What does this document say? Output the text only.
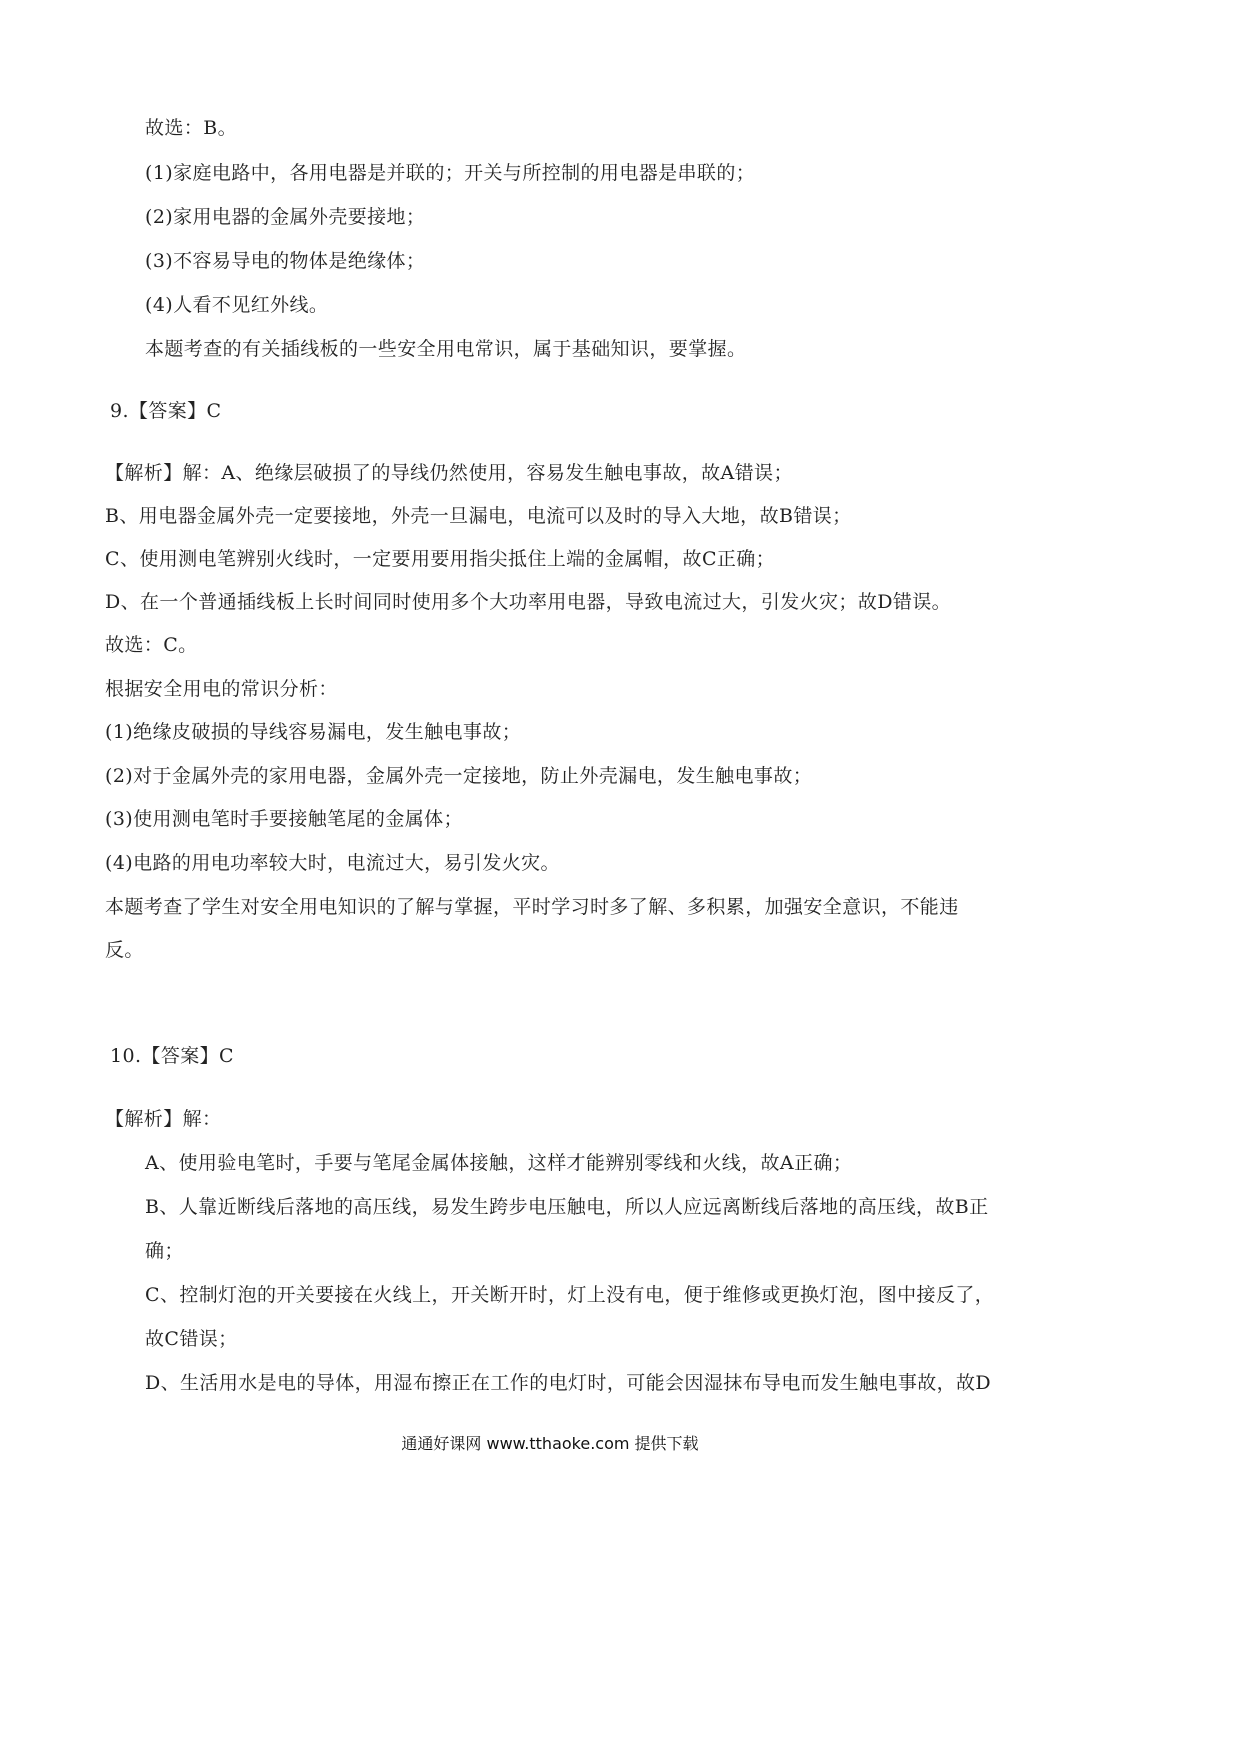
故选：B。
(1)家庭电路中，各用电器是并联的；开关与所控制的用电器是串联的；
(2)家用电器的金属外壳要接地；
(3)不容易导电的物体是绝缘体；
(4)人看不见红外线。
本题考查的有关插线板的一些安全用电常识，属于基础知识，要掌握。
9.【答案】C
【解析】解：A、绝缘层破损了的导线仍然使用，容易发生触电事故，故A错误；
B、用电器金属外壳一定要接地，外壳一旦漏电，电流可以及时的导入大地，故B错误；
C、使用测电笔辨别火线时，一定要用要用指尖抵住上端的金属帽，故C正确；
D、在一个普通插线板上长时间同时使用多个大功率用电器，导致电流过大，引发火灾；故D错误。
故选：C。
根据安全用电的常识分析：
(1)绝缘皮破损的导线容易漏电，发生触电事故；
(2)对于金属外壳的家用电器，金属外壳一定接地，防止外壳漏电，发生触电事故；
(3)使用测电笔时手要接触笔尾的金属体；
(4)电路的用电功率较大时，电流过大，易引发火灾。
本题考查了学生对安全用电知识的了解与掌握，平时学习时多了解、多积累，加强安全意识，不能违
反。
10.【答案】C
【解析】解：
A、使用验电笔时，手要与笔尾金属体接触，这样才能辨别零线和火线，故A正确；
B、人靠近断线后落地的高压线，易发生跨步电压触电，所以人应远离断线后落地的高压线，故B正
确；
C、控制灯泡的开关要接在火线上，开关断开时，灯上没有电，便于维修或更换灯泡，图中接反了，
故C错误；
D、生活用水是电的导体，用湿布擦正在工作的电灯时，可能会因湿抹布导电而发生触电事故，故D
通通好课网 www.tthaoke.com 提供下载
